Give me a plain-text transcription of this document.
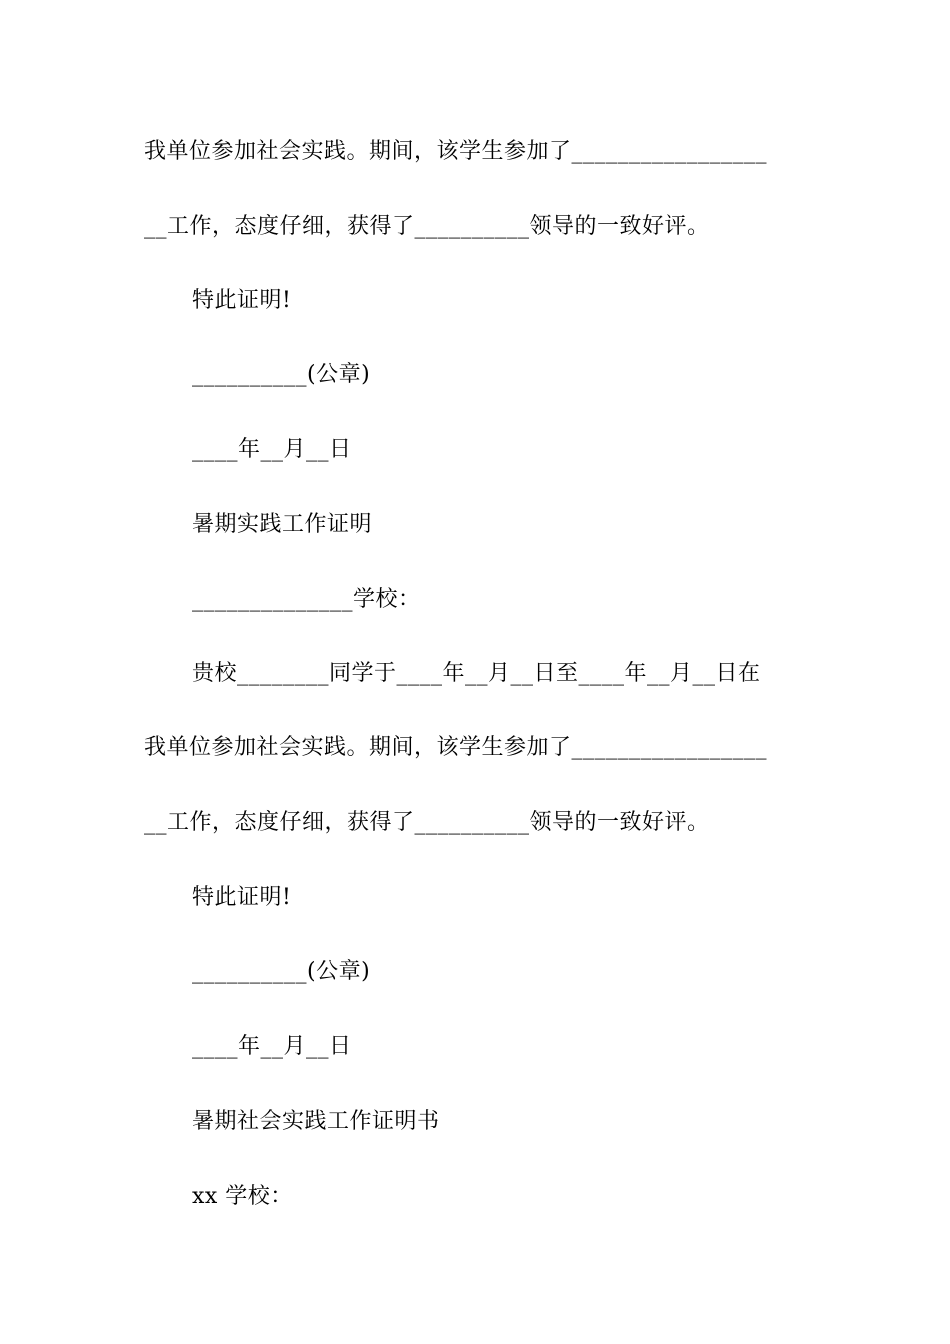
我单位参加社会实践。期间，该学生参加了_________________
__工作，态度仔细，获得了__________领导的一致好评。
特此证明!
__________(公章)
____年__月__日
暑期实践工作证明
______________学校：
贵校________同学于____年__月__日至____年__月__日在
我单位参加社会实践。期间，该学生参加了_________________
__工作，态度仔细，获得了__________领导的一致好评。
特此证明!
__________(公章)
____年__月__日
暑期社会实践工作证明书
xx 学校：
